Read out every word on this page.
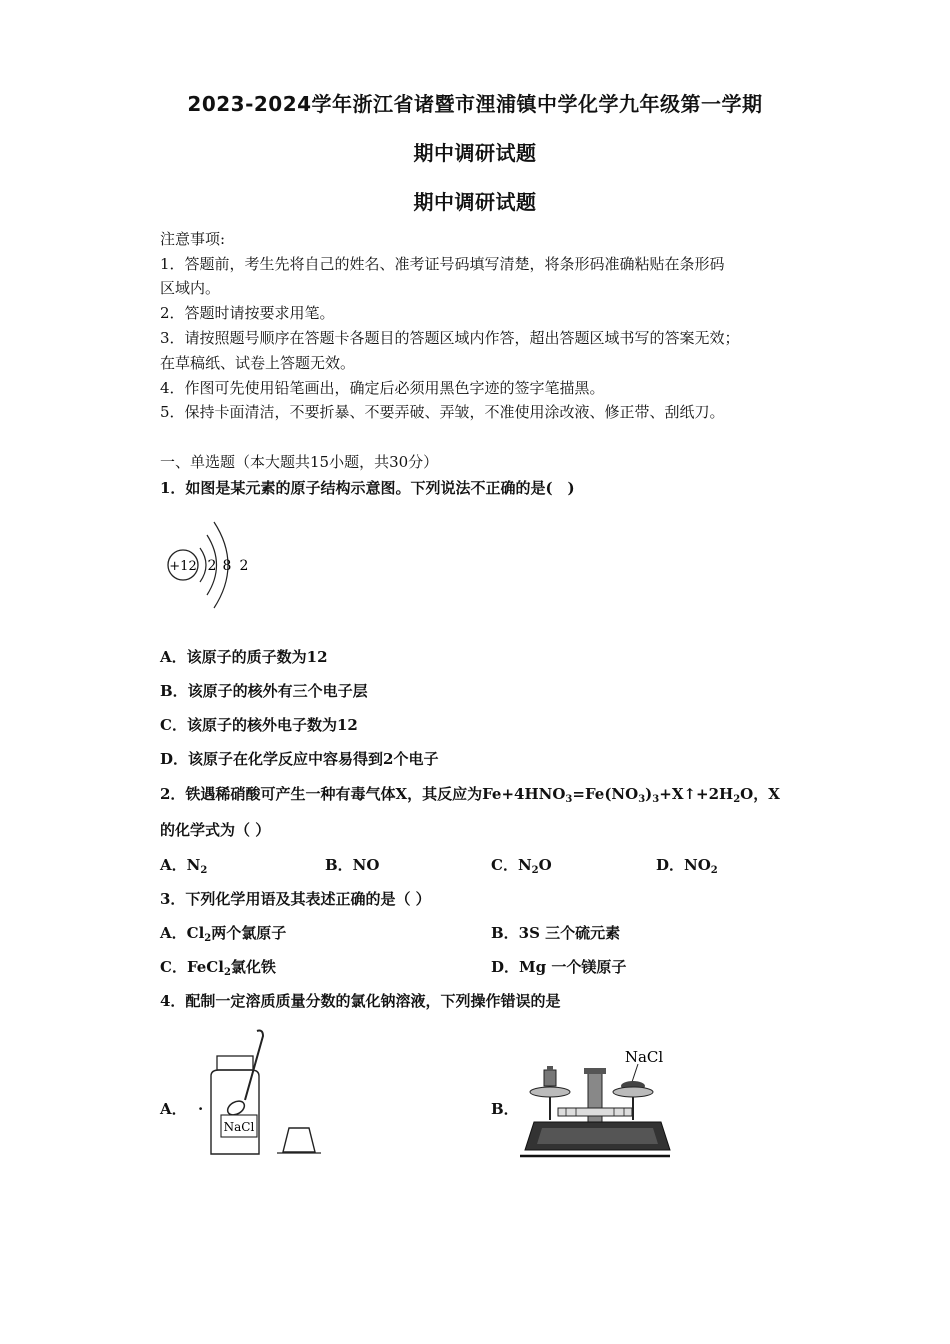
2023-2024学年浙江省诸暨市浬浦镇中学化学九年级第一学期
期中调研试题
期中调研试题
注意事项:
1．答题前，考生先将自己的姓名、准考证号码填写清楚，将条形码准确粘贴在条形码
区域内。
2．答题时请按要求用笔。
3．请按照题号顺序在答题卡各题目的答题区域内作答，超出答题区域书写的答案无效；
在草稿纸、试卷上答题无效。
4．作图可先使用铅笔画出，确定后必须用黑色字迹的签字笔描黑。
5．保持卡面清洁，不要折暴、不要弄破、弄皱，不准使用涂改液、修正带、刮纸刀。
一、单选题（本大题共15小题，共30分）
1．如图是某元素的原子结构示意图。下列说法不正确的是(　)
+12 2 8 2
A．该原子的质子数为12
B．该原子的核外有三个电子层
C．该原子的核外电子数为12
D．该原子在化学反应中容易得到2个电子
2．铁遇稀硝酸可产生一种有毒气体X，其反应为$Fe+4HNO_3=Fe(NO_3)_3+X↑+2H_2O$，X
的化学式为（ ）
A．$N_2$	B．NO	C．$N_2O$	D．$NO_2$
3．下列化学用语及其表述正确的是（ ）
A．$Cl_2$两个氯原子	B．3S 三个硫元素
C．FeCl$_2$氯化铁	D．Mg 一个镁原子
4．配制一定溶质质量分数的氯化钠溶液，下列操作错误的是
A． .
NaCl
B．
NaCl
